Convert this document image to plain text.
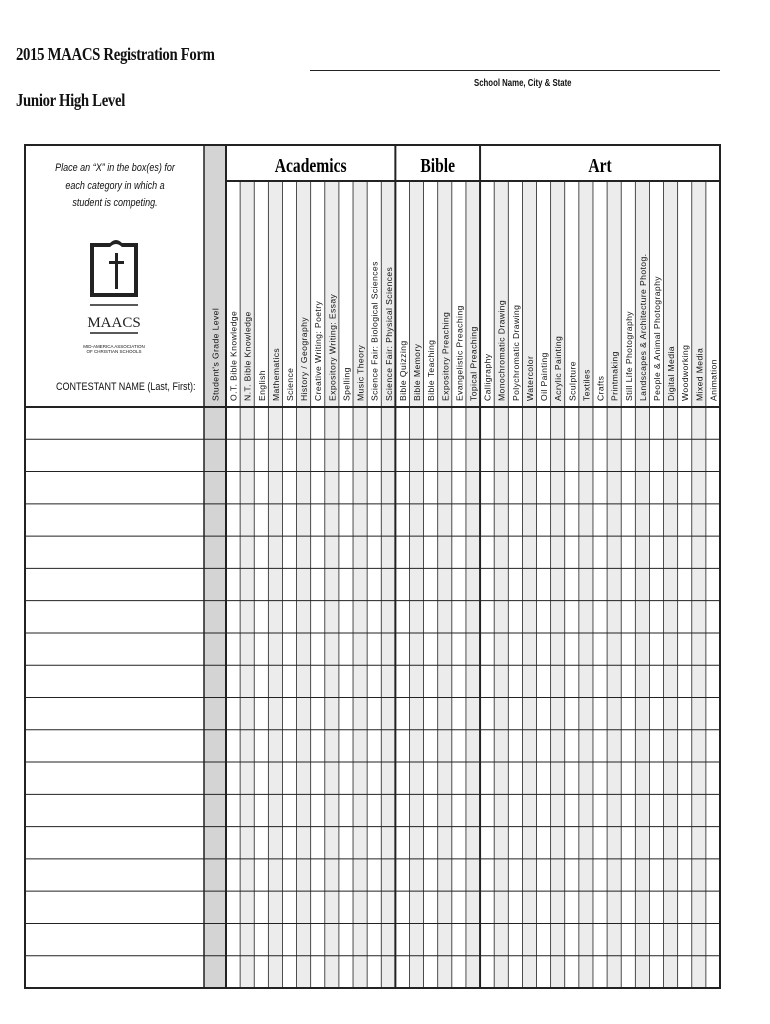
2015 MAACS Registration Form
Junior High Level
School Name, City & State
Academics	Bible	Art
O.T. Bible Knowledge N.T. Bible Knowledge English Mathematics Science History / Geography Creative Writing: Poetry Expository Writing: Essay Spelling Music Theory Science Fair: Biological Sciences Science Fair: Physical Sciences Bible Quizzing Bible Memory Bible Teaching Expository Preaching Evangelistic Preaching Topical Preaching Calligraphy Monochromatic Drawing Polychromatic Drawing Watercolor Oil Painting Acrylic Painting Sculpture Textiles Crafts Printmaking Still Life Photography Landscapes & Architecture Photog. People & Animal Photography Digital Media Woodworking Mixed Media Animation
Student's Grade Level
Place an “X” in the box(es) for each category in which a student is competing.
MAACS
MID-AMERICA ASSOCIATION OF CHRISTIAN SCHOOLS
CONTESTANT NAME (Last, First):
